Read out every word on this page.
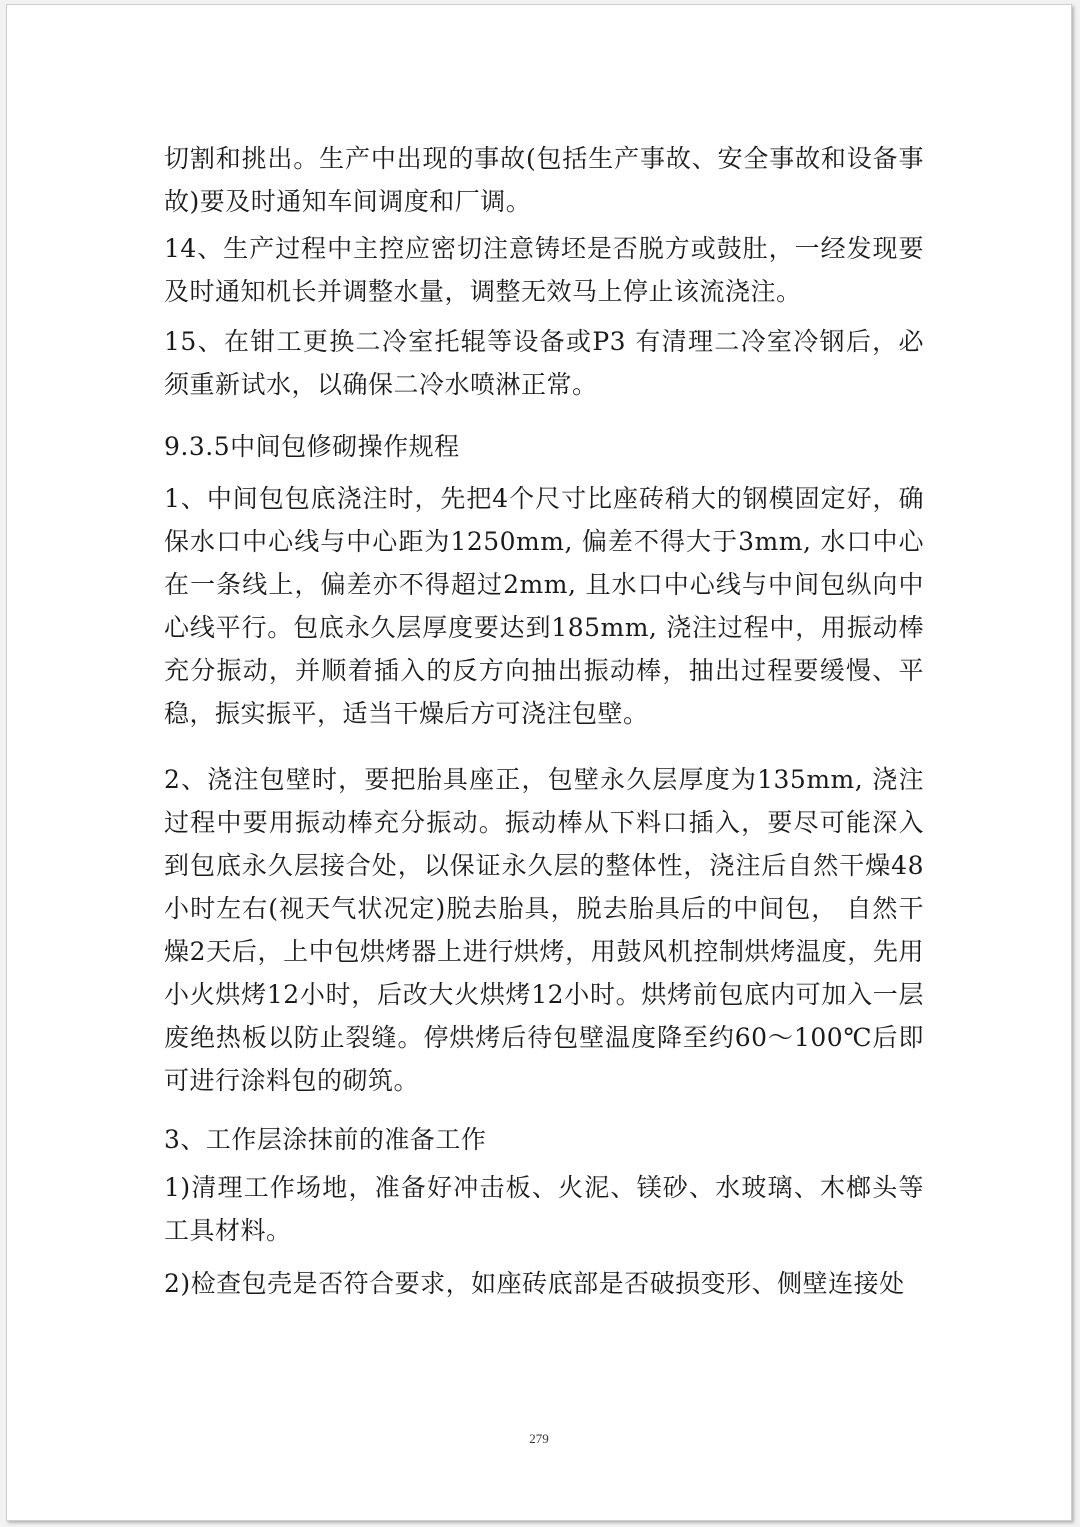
切割和挑出。生产中出现的事故(包括生产事故、安全事故和设备事故)要及时通知车间调度和厂调。

14、生产过程中主控应密切注意铸坯是否脱方或鼓肚，一经发现要及时通知机长并调整水量，调整无效马上停止该流浇注。

15、在钳工更换二冷室托辊等设备或P3 有清理二冷室冷钢后，必须重新试水，以确保二冷水喷淋正常。

9.3.5中间包修砌操作规程

1、中间包包底浇注时，先把4个尺寸比座砖稍大的钢模固定好，确保水口中心线与中心距为1250mm, 偏差不得大于3mm, 水口中心在一条线上，偏差亦不得超过2mm, 且水口中心线与中间包纵向中心线平行。包底永久层厚度要达到185mm, 浇注过程中，用振动棒充分振动，并顺着插入的反方向抽出振动棒，抽出过程要缓慢、平稳，振实振平，适当干燥后方可浇注包壁。

2、浇注包壁时，要把胎具座正，包壁永久层厚度为135mm, 浇注过程中要用振动棒充分振动。振动棒从下料口插入，要尽可能深入到包底永久层接合处，以保证永久层的整体性，浇注后自然干燥48小时左右(视天气状况定)脱去胎具，脱去胎具后的中间包， 自然干燥2天后，上中包烘烤器上进行烘烤，用鼓风机控制烘烤温度，先用小火烘烤12小时，后改大火烘烤12小时。烘烤前包底内可加入一层废绝热板以防止裂缝。停烘烤后待包壁温度降至约60～100℃后即可进行涂料包的砌筑。

3、工作层涂抹前的准备工作

1)清理工作场地，准备好冲击板、火泥、镁砂、水玻璃、木榔头等工具材料。

2)检查包壳是否符合要求，如座砖底部是否破损变形、侧壁连接处

279
